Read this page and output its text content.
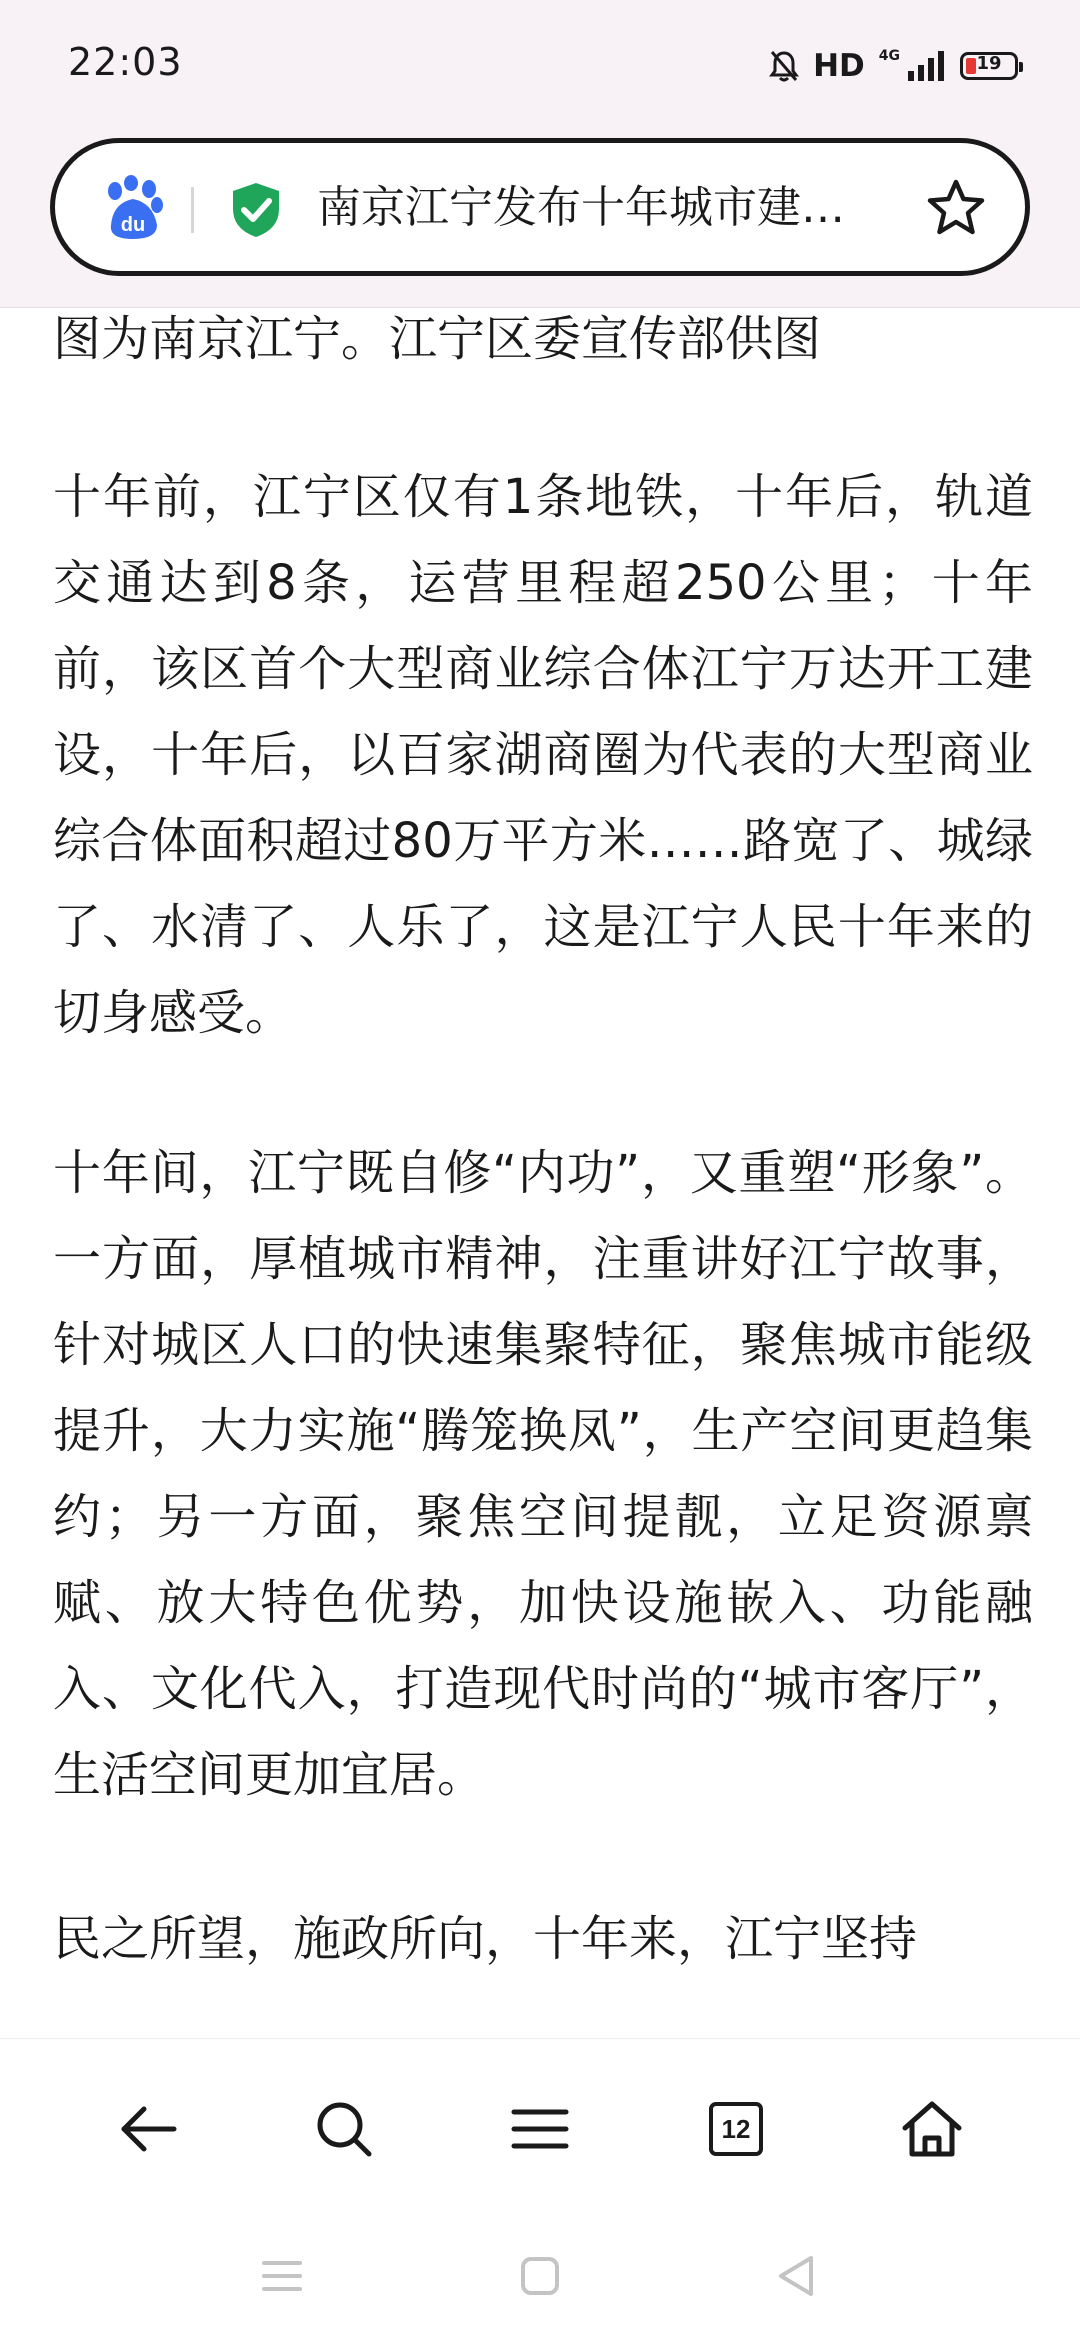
22:03	HD 4G	19
du	南京江宁发布十年城市建…

图为南京江宁。江宁区委宣传部供图

十年前，江宁区仅有1条地铁，十年后，轨道交通达到8条，运营里程超250公里；十年前，该区首个大型商业综合体江宁万达开工建设，十年后，以百家湖商圈为代表的大型商业综合体面积超过80万平方米……路宽了、城绿了、水清了、人乐了，这是江宁人民十年来的切身感受。

十年间，江宁既自修“内功”，又重塑“形象”。一方面，厚植城市精神，注重讲好江宁故事，针对城区人口的快速集聚特征，聚焦城市能级提升，大力实施“腾笼换凤”，生产空间更趋集约；另一方面，聚焦空间提靓，立足资源禀赋、放大特色优势，加快设施嵌入、功能融入、文化代入，打造现代时尚的“城市客厅”，生活空间更加宜居。

民之所望，施政所向，十年来，江宁坚持

12
